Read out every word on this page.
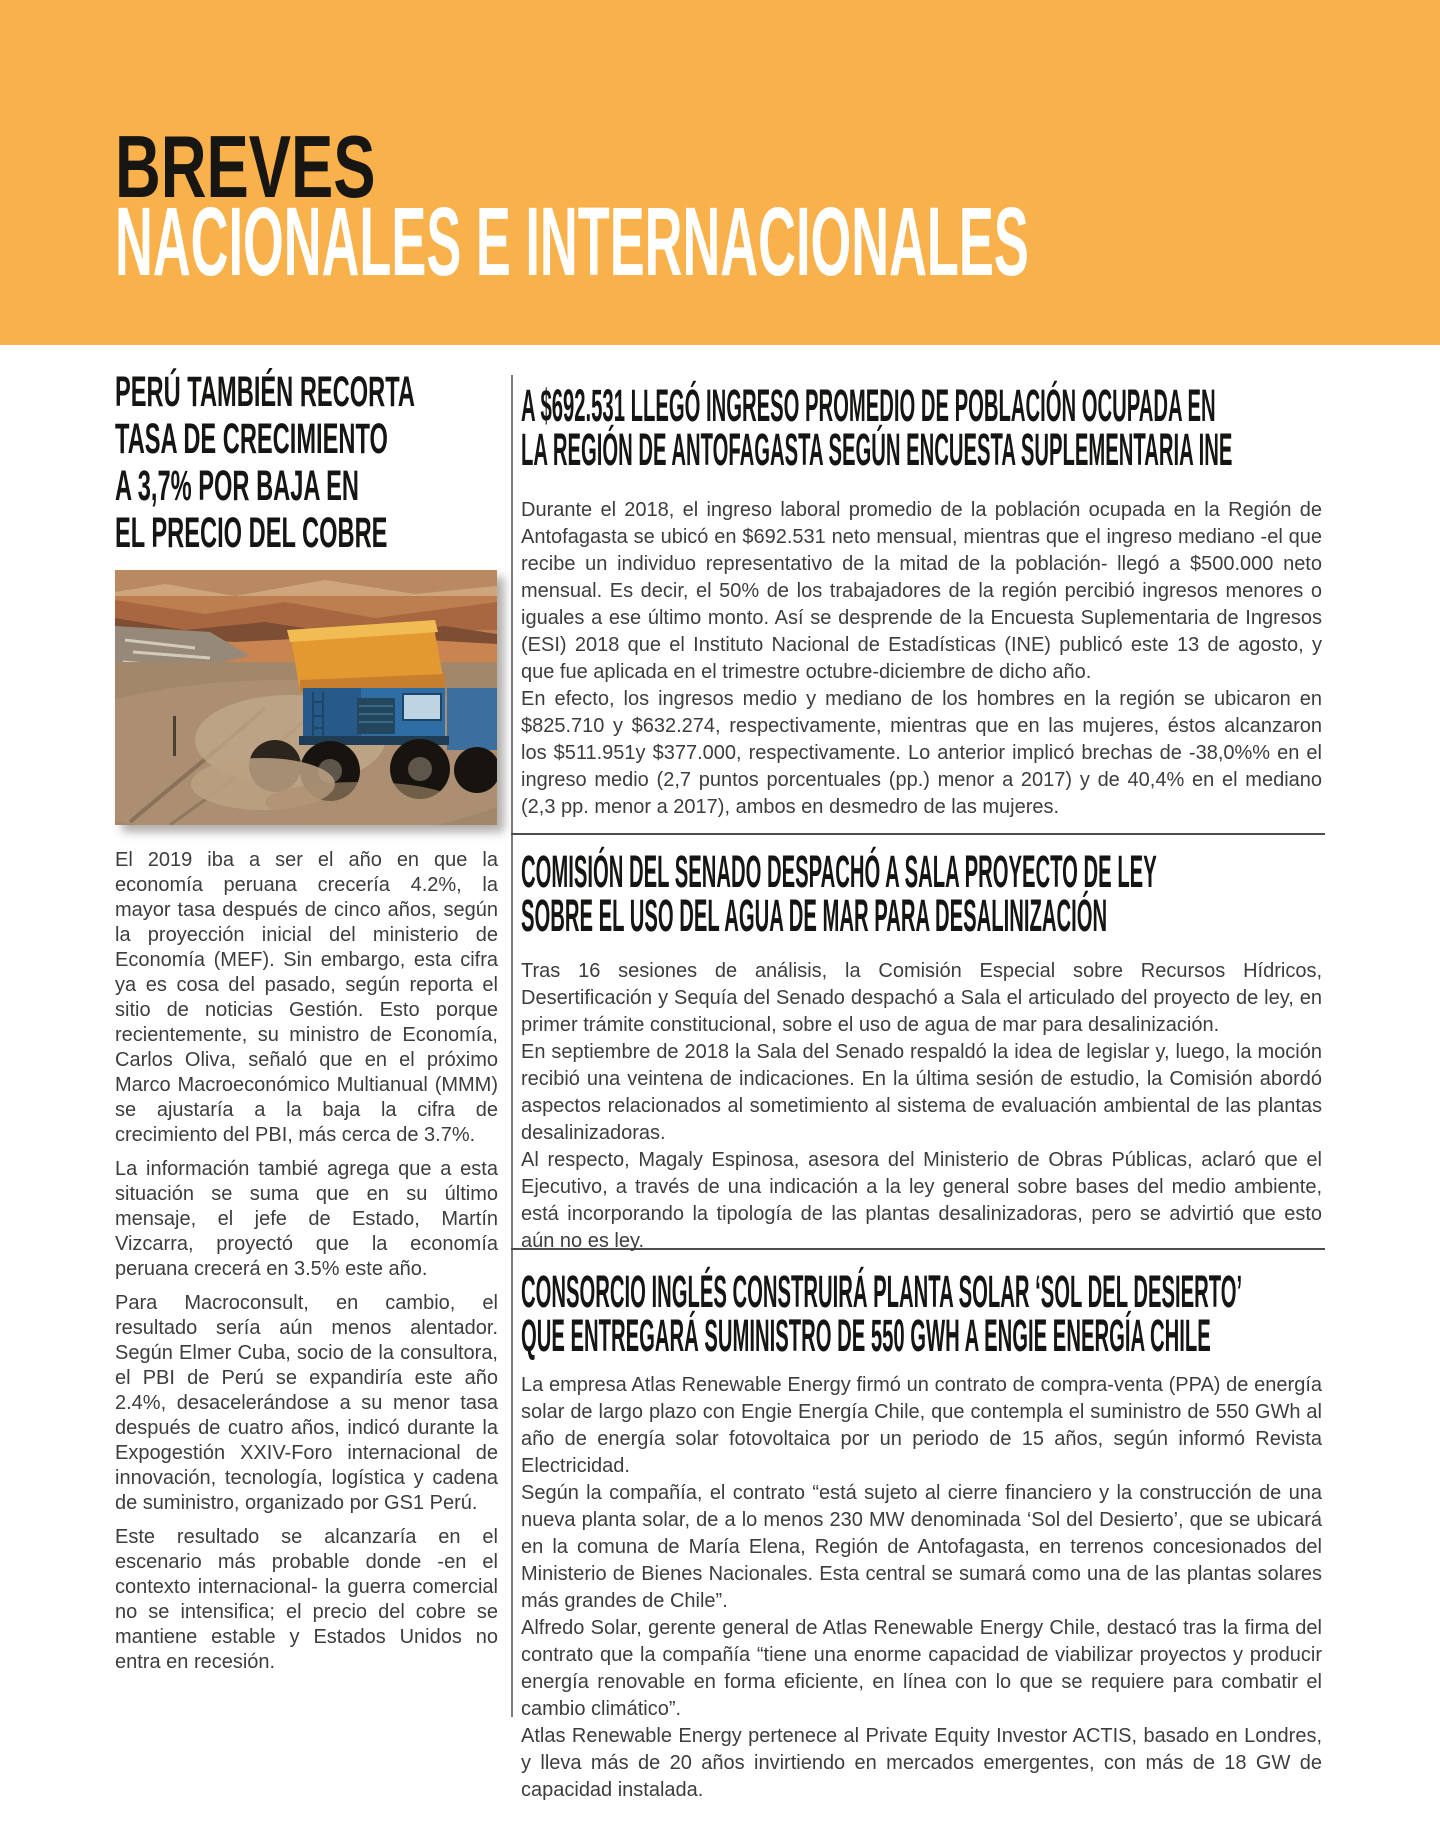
BREVES
NACIONALES E INTERNACIONALES
PERÚ TAMBIÉN RECORTA
TASA DE CRECIMIENTO
A 3,7% POR BAJA EN
EL PRECIO DEL COBRE

El 2019 iba a ser el año en que la economía peruana crecería 4.2%, la mayor tasa después de cinco años, según la proyección inicial del ministerio de Economía (MEF). Sin embargo, esta cifra ya es cosa del pasado, según reporta el sitio de noticias Gestión. Esto porque recientemente, su ministro de Economía, Carlos Oliva, señaló que en el próximo Marco Macroeconómico Multianual (MMM) se ajustaría a la baja la cifra de crecimiento del PBI, más cerca de 3.7%.

La información tambié agrega que a esta situación se suma que en su último mensaje, el jefe de Estado, Martín Vizcarra, proyectó que la economía peruana crecerá en 3.5% este año.

Para Macroconsult, en cambio, el resultado sería aún menos alentador. Según Elmer Cuba, socio de la consultora, el PBI de Perú se expandiría este año 2.4%, desacelerándose a su menor tasa después de cuatro años, indicó durante la Expogestión XXIV-Foro internacional de innovación, tecnología, logística y cadena de suministro, organizado por GS1 Perú.

Este resultado se alcanzaría en el escenario más probable donde -en el contexto internacional- la guerra comercial no se intensifica; el precio del cobre se mantiene estable y Estados Unidos no entra en recesión.

A $692.531 LLEGÓ INGRESO PROMEDIO DE POBLACIÓN OCUPADA EN
LA REGIÓN DE ANTOFAGASTA SEGÚN ENCUESTA SUPLEMENTARIA INE

Durante el 2018, el ingreso laboral promedio de la población ocupada en la Región de Antofagasta se ubicó en $692.531 neto mensual, mientras que el ingreso mediano -el que recibe un individuo representativo de la mitad de la población- llegó a $500.000 neto mensual. Es decir, el 50% de los trabajadores de la región percibió ingresos menores o iguales a ese último monto. Así se desprende de la Encuesta Suplementaria de Ingresos (ESI) 2018 que el Instituto Nacional de Estadísticas (INE) publicó este 13 de agosto, y que fue aplicada en el trimestre octubre-diciembre de dicho año.

En efecto, los ingresos medio y mediano de los hombres en la región se ubicaron en $825.710 y $632.274, respectivamente, mientras que en las mujeres, éstos alcanzaron los $511.951y $377.000, respectivamente. Lo anterior implicó brechas de -38,0%% en el ingreso medio (2,7 puntos porcentuales (pp.) menor a 2017) y de 40,4% en el mediano (2,3 pp. menor a 2017), ambos en desmedro de las mujeres.

COMISIÓN DEL SENADO DESPACHÓ A SALA PROYECTO DE LEY
SOBRE EL USO DEL AGUA DE MAR PARA DESALINIZACIÓN

Tras 16 sesiones de análisis, la Comisión Especial sobre Recursos Hídricos, Desertificación y Sequía del Senado despachó a Sala el articulado del proyecto de ley, en primer trámite constitucional, sobre el uso de agua de mar para desalinización.

En septiembre de 2018 la Sala del Senado respaldó la idea de legislar y, luego, la moción recibió una veintena de indicaciones. En la última sesión de estudio, la Comisión abordó aspectos relacionados al sometimiento al sistema de evaluación ambiental de las plantas desalinizadoras.

Al respecto, Magaly Espinosa, asesora del Ministerio de Obras Públicas, aclaró que el Ejecutivo, a través de una indicación a la ley general sobre bases del medio ambiente, está incorporando la tipología de las plantas desalinizadoras, pero se advirtió que esto aún no es ley.

CONSORCIO INGLÉS CONSTRUIRÁ PLANTA SOLAR ‘SOL DEL DESIERTO’
QUE ENTREGARÁ SUMINISTRO DE 550 GWH A ENGIE ENERGÍA CHILE

La empresa Atlas Renewable Energy firmó un contrato de compra-venta (PPA) de energía solar de largo plazo con Engie Energía Chile, que contempla el suministro de 550 GWh al año de energía solar fotovoltaica por un periodo de 15 años, según informó Revista Electricidad.

Según la compañía, el contrato “está sujeto al cierre financiero y la construcción de una nueva planta solar, de a lo menos 230 MW denominada ‘Sol del Desierto’, que se ubicará en la comuna de María Elena, Región de Antofagasta, en terrenos concesionados del Ministerio de Bienes Nacionales. Esta central se sumará como una de las plantas solares más grandes de Chile”.

Alfredo Solar, gerente general de Atlas Renewable Energy Chile, destacó tras la firma del contrato que la compañía “tiene una enorme capacidad de viabilizar proyectos y producir energía renovable en forma eficiente, en línea con lo que se requiere para combatir el cambio climático”.

Atlas Renewable Energy pertenece al Private Equity Investor ACTIS, basado en Londres, y lleva más de 20 años invirtiendo en mercados emergentes, con más de 18 GW de capacidad instalada.
